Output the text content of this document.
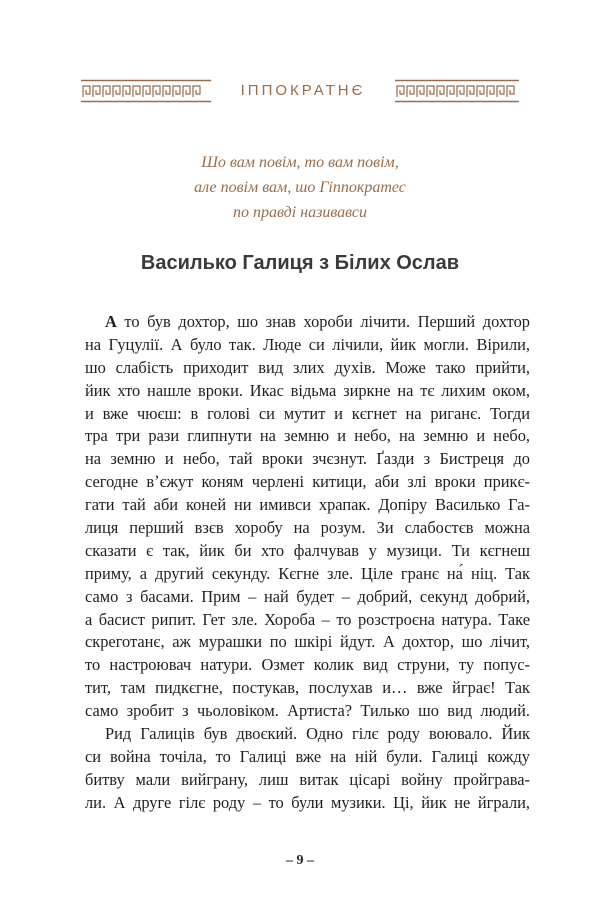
ІППОКРАТНЄ
Шо вам повім, то вам повім,
але повім вам, шо Гіппократес
по правді називавси
Василько Галиця з Білих Ослав
А то був дохтор, шо знав хороби лічити. Перший дохтор
на Гуцулії. А було так. Люде си лічили, йик могли. Вірили,
шо слабість приходит вид злих духів. Може тако прийти,
йик хто нашле вроки. Икас відьма зиркне на тє лихим оком,
и вже чюєш: в голові си мутит и кєгнет на риганє. Тогди
тра три рази глипнути на земню и небо, на земню и небо,
на земню и небо, тай вроки зчєзнут. Ґазди з Бистреця до
сегодне вʼєжут коням черлені китици, аби злі вроки прикє-
гати тай аби коней ни имивси храпак. Допіру Василько Га-
лиця перший взєв хоробу на розум. Зи слабостєв можна
сказати є так, йик би хто фалчував у музици. Ти кєгнеш
приму, а другий секунду. Кєгне зле. Ціле гранє на́ ніц. Так
само з басами. Прим – най будет – добрий, секунд добрий,
а басист рипит. Гет зле. Хороба – то розстроєна натура. Таке
скреготанє, аж мурашки по шкірі йдут. А дохтор, шо лічит,
то настроювач натури. Озмет колик вид струни, ту попус-
тит, там пидкєгне, постукав, послухав и… вже йграє! Так
само зробит з чьоловіком. Артиста? Тилько шо вид людий.
Рид Галиців був двоєкий. Одно гілє роду воювало. Йик
си война точіла, то Галиці вже на ній були. Галиці кожду
битву мали вийграну, лиш витак цісарі войну пройграва-
ли. А друге гілє роду – то були музики. Ці, йик не йграли,
– 9 –
